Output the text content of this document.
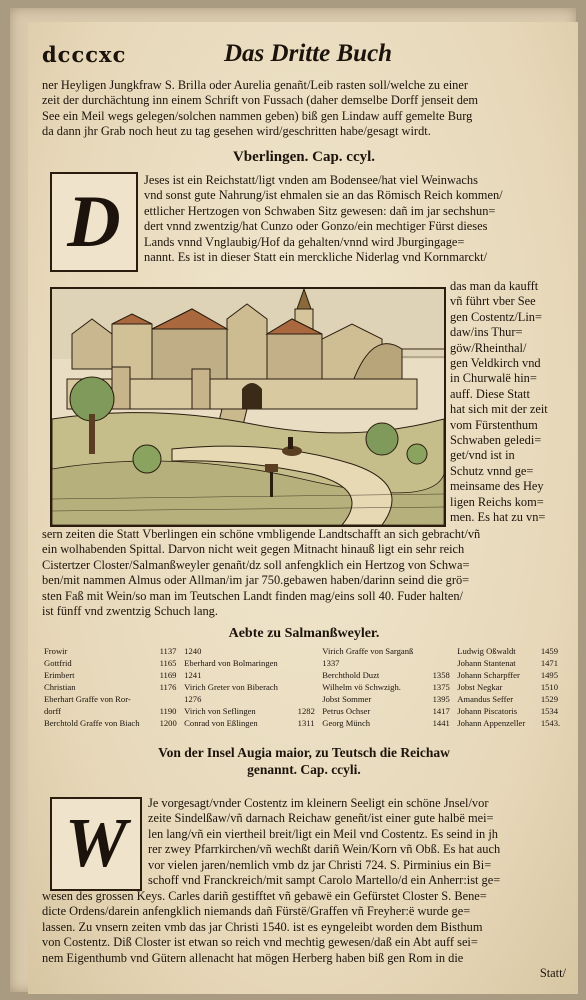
dcccxc	Das Dritte Buch
ner Heyligen Jungkfraw S. Brilla oder Aurelia genañt/Leib rasten soll/welche zu einer
zeit der durchächtung inn einem Schrift von Fussach (daher demselbe Dorff jenseit dem
See ein Meil wegs gelegen/solchen nammen geben) biß gen Lindaw auff gemelte Burg
da dann jhr Grab noch heut zu tag gesehen wird/geschritten habe/gesagt wirdt.
Vberlingen. Cap. ccyl.
D
Jeses ist ein Reichstatt/ligt vnden am Bodensee/hat viel Weinwachs
vnd sonst gute Nahrung/ist ehmalen sie an das Römisch Reich kommen/
ettlicher Hertzogen von Schwaben Sitz gewesen: dañ im jar sechshun=
dert vnnd zwentzig/hat Cunzo oder Gonzo/ein mechtiger Fürst dieses
Lands vnnd Vnglaubig/Hof da gehalten/vnnd wird Jburgingage=
nannt. Es ist in dieser Statt ein merckliche Niderlag vnd Kornmarckt/
das man da kaufft
vñ führt vber See
gen Costentz/Lin=
daw/ins Thur=
göw/Rheinthal/
gen Veldkirch vnd
in Churwalë hin=
auff. Diese Statt
hat sich mit der zeit
vom Fürstenthum
Schwaben geledi=
get/vnd ist in
Schutz vnnd ge=
meinsame des Hey
ligen Reichs kom=
men. Es hat zu vn=
sern zeiten die Statt Vberlingen ein schöne vmbligende Landtschafft an sich gebracht/vñ
ein wolhabenden Spittal. Darvon nicht weit gegen Mitnacht hinauß ligt ein sehr reich
Cistertzer Closter/Salmanßweyler genañt/dz soll anfengklich ein Hertzog von Schwa=
ben/mit nammen Almus oder Allman/im jar 750.gebawen haben/darinn seind die grö=
sten Faß mit Wein/so man im Teutschen Landt finden mag/eins soll 40. Fuder halten/
ist fünff vnd zwentzig Schuch lang.
Aebte zu Salmanßweyler.
Frowir	1137	1240		Virich Graffe von Sarganß		Ludwig Oßwaldt	1459
Gottfrid	1165	Eberhard von Bolmaringen		1337		Johann Stantenat	1471
Erimbert	1169	1241		Berchthold Duzt	1358	Johann Scharpffer	1495
Christian	1176	Virich Greter von Biberach		Wilhelm vö Schwzigh.	1375	Jobst Negkar	1510
Eberhart Graffe von Ror-		1276		Jobst Sommer	1395	Amandus Seffer	1529
dorff	1190	Virich von Seflingen	1282	Petrus Ochser	1417	Johann Piscatoris	1534
Berchtold Graffe von Biach	1200	Conrad von Eßlingen	1311	Georg Münch	1441	Johann Appenzeller	1543.
Von der Insel Augia maior, zu Teutsch die Reichaw
genannt. Cap. ccyli.
W
Je vorgesagt/vnder Costentz im kleinern Seeligt ein schöne Jnsel/vor
zeite Sindelßaw/vñ darnach Reichaw geneñt/ist einer gute halbë mei=
len lang/vñ ein viertheil breit/ligt ein Meil vnd Costentz. Es seind in jh
rer zwey Pfarrkirchen/vñ wechßt dariñ Wein/Korn vñ Obß. Es hat auch
vor vielen jaren/nemlich vmb dz jar Christi 724. S. Pirminius ein Bi=
schoff vnd Franckreich/mit sampt Carolo Martello/d ein Anherr:ist ge=
wesen des grossen Keys. Carles dariñ gestifftet vñ gebawë ein Gefürstet Closter S. Bene=
dicte Ordens/darein anfengklich niemands dañ Fürstë/Graffen vñ Freyher:ë wurde ge=
lassen. Zu vnsern zeiten vmb das jar Christi 1540. ist es eyngeleibt worden dem Bisthum
von Costentz. Diß Closter ist etwan so reich vnd mechtig gewesen/daß ein Abt auff sei=
nem Eigenthumb vnd Gütern allenacht hat mögen Herberg haben biß gen Rom in die
Statt/
